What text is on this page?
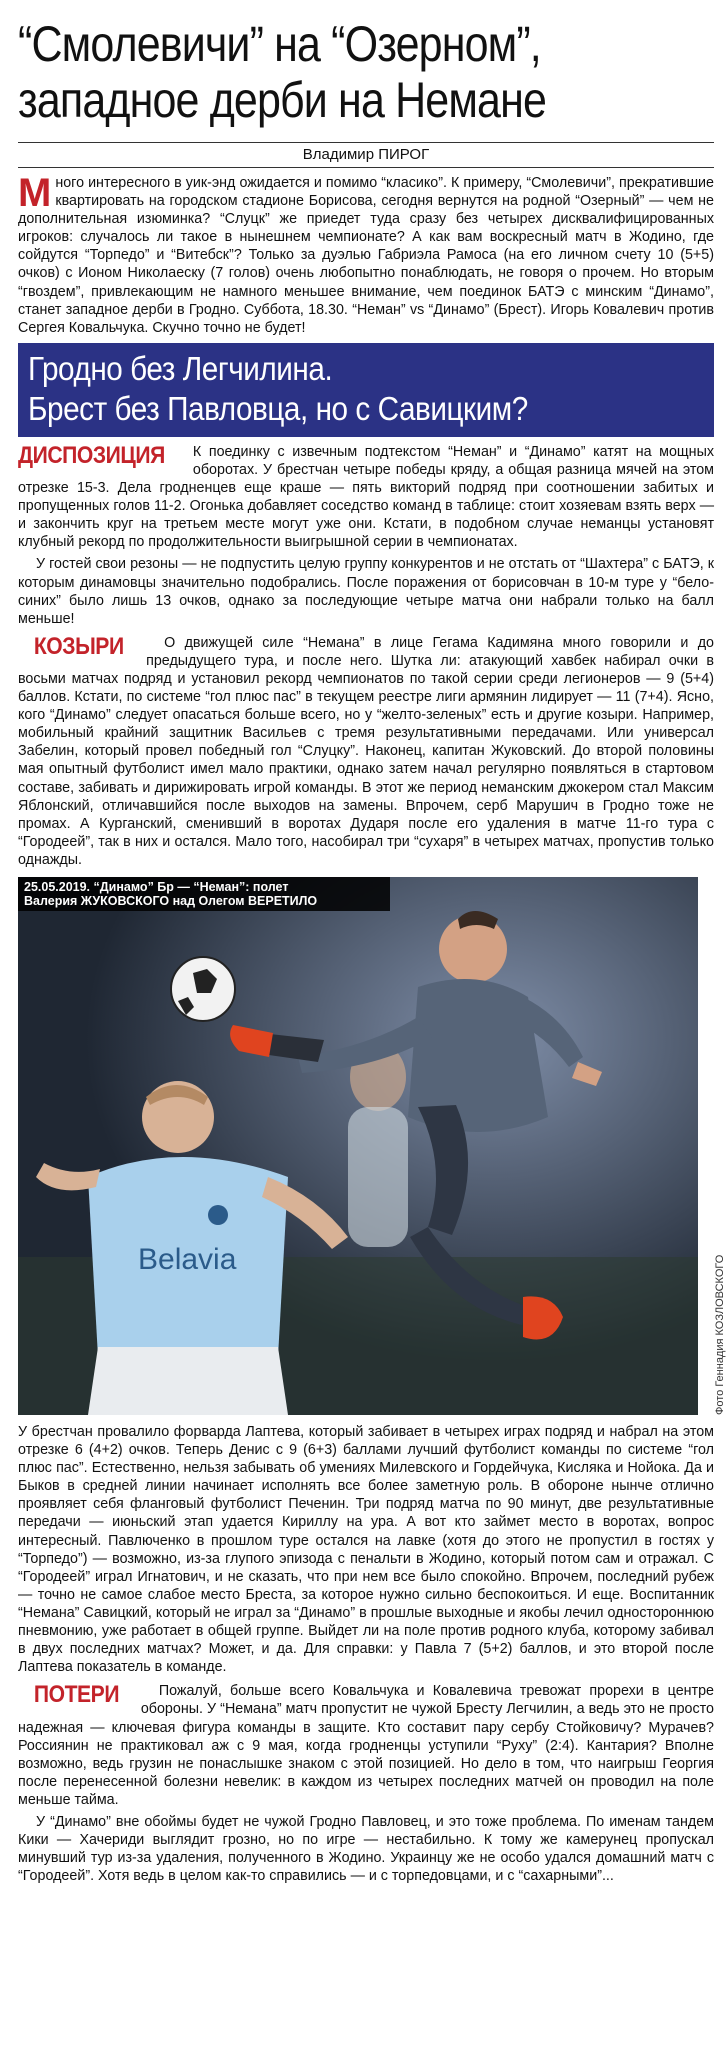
“Смолевичи” на “Озерном”,
западное дерби на Немане
Владимир ПИРОГ

Много интересного в уик-энд ожидается и помимо “класико”. К примеру, “Смолевичи”, прекратившие квартировать на городском стадионе Борисова, сегодня вернутся на родной “Озерный” — чем не дополнительная изюминка? “Слуцк” же приедет туда сразу без четырех дисквалифицированных игроков: случалось ли такое в нынешнем чемпионате? А как вам воскресный матч в Жодино, где сойдутся “Торпедо” и “Витебск”? Только за дуэлью Габриэла Рамоса (на его личном счету 10 (5+5) очков) с Ионом Николаеску (7 голов) очень любопытно понаблюдать, не говоря о прочем. Но вторым “гвоздем”, привлекающим не намного меньшее внимание, чем поединок БАТЭ с минским “Динамо”, станет западное дерби в Гродно. Суббота, 18.30. “Неман” vs “Динамо” (Брест). Игорь Ковалевич против Сергея Ковальчука. Скучно точно не будет!

Гродно без Легчилина.
Брест без Павловца, но с Савицким?

ДИСПОЗИЦИЯ К поединку с извечным подтекстом “Неман” и “Динамо” катят на мощных оборотах. У брестчан четыре победы кряду, а общая разница мячей на этом отрезке 15-3. Дела гродненцев еще краше — пять викторий подряд при соотношении забитых и пропущенных голов 11-2. Огонька добавляет соседство команд в таблице: стоит хозяевам взять верх — и закончить круг на третьем месте могут уже они. Кстати, в подобном случае неманцы установят клубный рекорд по продолжительности выигрышной серии в чемпионатах.

У гостей свои резоны — не подпустить целую группу конкурентов и не отстать от “Шахтера” с БАТЭ, к которым динамовцы значительно подобрались. После поражения от борисовчан в 10-м туре у “бело-синих” было лишь 13 очков, однако за последующие четыре матча они набрали только на балл меньше!

КОЗЫРИ	О движущей силе “Немана” в лице Гегама Кадимяна много говорили и до предыдущего тура, и после него. Шутка ли: атакующий хавбек набирал очки в восьми матчах подряд и установил рекорд чемпионатов по такой серии среди легионеров — 9 (5+4) баллов. Кстати, по системе “гол плюс пас” в текущем реестре лиги армянин лидирует — 11 (7+4). Ясно, кого “Динамо” следует опасаться больше всего, но у “желто-зеленых” есть и другие козыри. Например, мобильный крайний защитник Васильев с тремя результативными передачами. Или универсал Забелин, который провел победный гол “Слуцку”. Наконец, капитан Жуковский. До второй половины мая опытный футболист имел мало практики, однако затем начал регулярно появляться в стартовом составе, забивать и дирижировать игрой команды. В этот же период неманским джокером стал Максим Яблонский, отличавшийся после выходов на замены. Впрочем, серб Марушич в Гродно тоже не промах. А Курганский, сменивший в воротах Дударя после его удаления в матче 11-го тура с “Городеей”, так в них и остался. Мало того, насобирал три “сухаря” в четырех матчах, пропустив только однажды.

Belavia
25.05.2019. “Динамо” Бр — “Неман”: полет
Валерия ЖУКОВСКОГО над Олегом ВЕРЕТИЛО
Фото Геннадия КОЗЛОВСКОГО

У брестчан провалило форварда Лаптева, который забивает в четырех играх подряд и набрал на этом отрезке 6 (4+2) очков. Теперь Денис с 9 (6+3) баллами лучший футболист команды по системе “гол плюс пас”. Естественно, нельзя забывать об умениях Милевского и Гордейчука, Кисляка и Нойока. Да и Быков в средней линии начинает исполнять все более заметную роль. В обороне нынче отлично проявляет себя фланговый футболист Печенин. Три подряд матча по 90 минут, две результативные передачи — июньский этап удается Кириллу на ура. А вот кто займет место в воротах, вопрос интересный. Павлюченко в прошлом туре остался на лавке (хотя до этого не пропустил в гостях у “Торпедо”) — возможно, из-за глупого эпизода с пенальти в Жодино, который потом сам и отражал. С “Городеей” играл Игнатович, и не сказать, что при нем все было спокойно. Впрочем, последний рубеж — точно не самое слабое место Бреста, за которое нужно сильно беспокоиться. И еще. Воспитанник “Немана” Савицкий, который не играл за “Динамо” в прошлые выходные и якобы лечил одностороннюю пневмонию, уже работает в общей группе. Выйдет ли на поле против родного клуба, которому забивал в двух последних матчах? Может, и да. Для справки: у Павла 7 (5+2) баллов, и это второй после Лаптева показатель в команде.

ПОТЕРИ	Пожалуй, больше всего Ковальчука и Ковалевича тревожат прорехи в центре обороны. У “Немана” матч пропустит не чужой Бресту Легчилин, а ведь это не просто надежная — ключевая фигура команды в защите. Кто составит пару сербу Стойковичу? Мурачев? Россиянин не практиковал аж с 9 мая, когда гродненцы уступили “Руху” (2:4). Кантария? Вполне возможно, ведь грузин не понаслышке знаком с этой позицией. Но дело в том, что наигрыш Георгия после перенесенной болезни невелик: в каждом из четырех последних матчей он проводил на поле меньше тайма.

У “Динамо” вне обоймы будет не чужой Гродно Павловец, и это тоже проблема. По именам тандем Кики — Хачериди выглядит грозно, но по игре — нестабильно. К тому же камерунец пропускал минувший тур из-за удаления, полученного в Жодино. Украинцу же не особо удался домашний матч с “Городеей”. Хотя ведь в целом как-то справились — и с торпедовцами, и с “сахарными”...
